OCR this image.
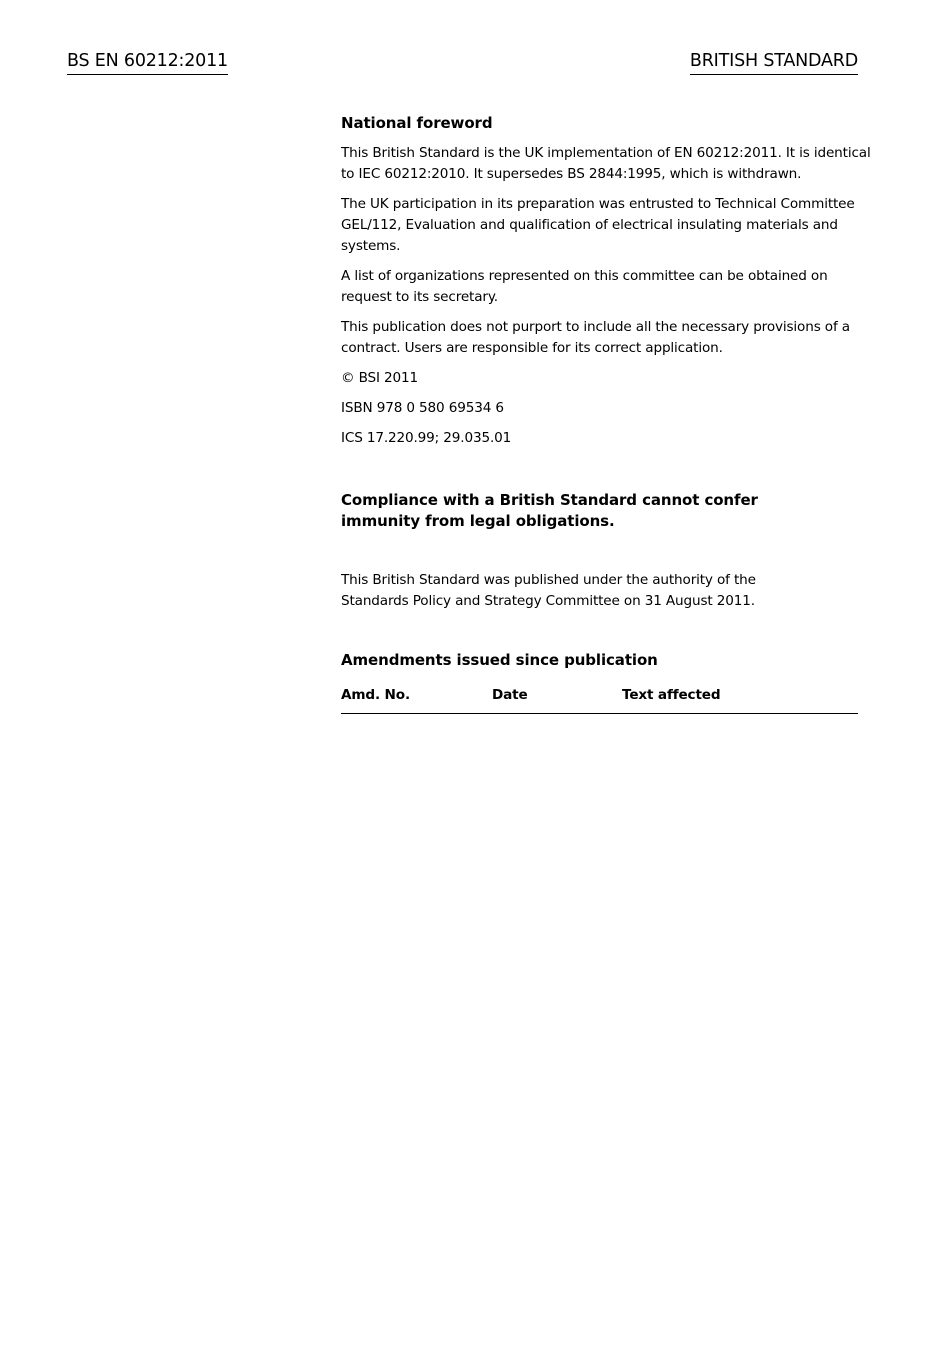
BS EN 60212:2011	BRITISH STANDARD
National foreword

This British Standard is the UK implementation of EN 60212:2011. It is identical to IEC 60212:2010. It supersedes BS 2844:1995, which is withdrawn.

The UK participation in its preparation was entrusted to Technical Committee GEL/112, Evaluation and qualification of electrical insulating materials and systems.

A list of organizations represented on this committee can be obtained on request to its secretary.

This publication does not purport to include all the necessary provisions of a contract. Users are responsible for its correct application.

© BSI 2011

ISBN 978 0 580 69534 6

ICS 17.220.99; 29.035.01

Compliance with a British Standard cannot confer immunity from legal obligations.

This British Standard was published under the authority of the Standards Policy and Strategy Committee on 31 August 2011.

Amendments issued since publication
Amd. No.	Date	Text affected
